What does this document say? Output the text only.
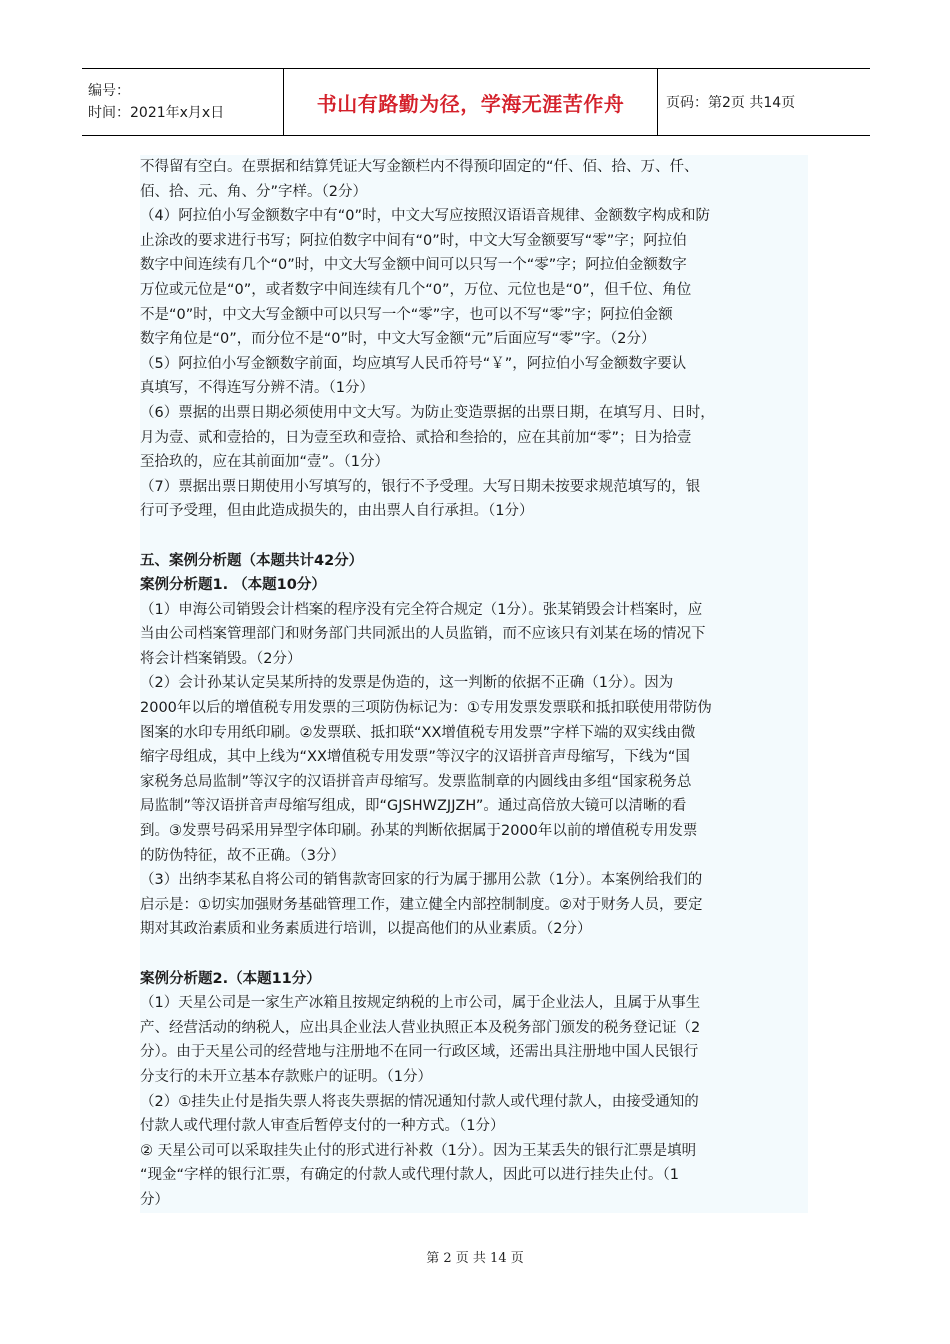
编号：
时间：2021年x月x日	书山有路勤为径，学海无涯苦作舟	页码：第2页 共14页

不得留有空白。在票据和结算凭证大写金额栏内不得预印固定的“仟、佰、拾、万、仟、
佰、拾、元、角、分”字样。（2分）

（4）阿拉伯小写金额数字中有“0”时，中文大写应按照汉语语音规律、金额数字构成和防
止涂改的要求进行书写；阿拉伯数字中间有“0”时，中文大写金额要写“零”字；阿拉伯
数字中间连续有几个“0”时，中文大写金额中间可以只写一个“零”字；阿拉伯金额数字
万位或元位是“0”，或者数字中间连续有几个“0”，万位、元位也是“0”，但千位、角位
不是“0”时，中文大写金额中可以只写一个“零”字，也可以不写“零”字；阿拉伯金额
数字角位是“0”，而分位不是“0”时，中文大写金额“元”后面应写“零”字。（2分）

（5）阿拉伯小写金额数字前面，均应填写人民币符号“￥”，阿拉伯小写金额数字要认
真填写，不得连写分辨不清。（1分）

（6）票据的出票日期必须使用中文大写。为防止变造票据的出票日期，在填写月、日时，
月为壹、贰和壹拾的，日为壹至玖和壹拾、贰拾和叁拾的，应在其前加“零”；日为拾壹
至拾玖的，应在其前面加“壹”。（1分）

（7）票据出票日期使用小写填写的，银行不予受理。大写日期未按要求规范填写的，银
行可予受理，但由此造成损失的，由出票人自行承担。（1分）

五、案例分析题（本题共计42分）

案例分析题1. （本题10分）

（1）申海公司销毁会计档案的程序没有完全符合规定（1分）。张某销毁会计档案时，应
当由公司档案管理部门和财务部门共同派出的人员监销，而不应该只有刘某在场的情况下
将会计档案销毁。（2分）

（2）会计孙某认定吴某所持的发票是伪造的，这一判断的依据不正确（1分）。因为
2000年以后的增值税专用发票的三项防伪标记为：①专用发票发票联和抵扣联使用带防伪
图案的水印专用纸印刷。②发票联、抵扣联“XX增值税专用发票”字样下端的双实线由微
缩字母组成，其中上线为“XX增值税专用发票”等汉字的汉语拼音声母缩写，下线为“国
家税务总局监制”等汉字的汉语拼音声母缩写。发票监制章的内圆线由多组“国家税务总
局监制”等汉语拼音声母缩写组成，即“GJSHWZJJZH”。通过高倍放大镜可以清晰的看
到。③发票号码采用异型字体印刷。孙某的判断依据属于2000年以前的增值税专用发票
的防伪特征，故不正确。（3分）

（3）出纳李某私自将公司的销售款寄回家的行为属于挪用公款（1分）。本案例给我们的
启示是：①切实加强财务基础管理工作，建立健全内部控制制度。②对于财务人员，要定
期对其政治素质和业务素质进行培训，以提高他们的从业素质。（2分）

案例分析题2.（本题11分）

（1）天星公司是一家生产冰箱且按规定纳税的上市公司，属于企业法人，且属于从事生
产、经营活动的纳税人，应出具企业法人营业执照正本及税务部门颁发的税务登记证（2
分）。由于天星公司的经营地与注册地不在同一行政区域，还需出具注册地中国人民银行
分支行的未开立基本存款账户的证明。（1分）

（2）①挂失止付是指失票人将丧失票据的情况通知付款人或代理付款人，由接受通知的
付款人或代理付款人审查后暂停支付的一种方式。（1分）

② 天星公司可以采取挂失止付的形式进行补救（1分）。因为王某丢失的银行汇票是填明
“现金“字样的银行汇票，有确定的付款人或代理付款人，因此可以进行挂失止付。（1
分）

第 2 页 共 14 页
